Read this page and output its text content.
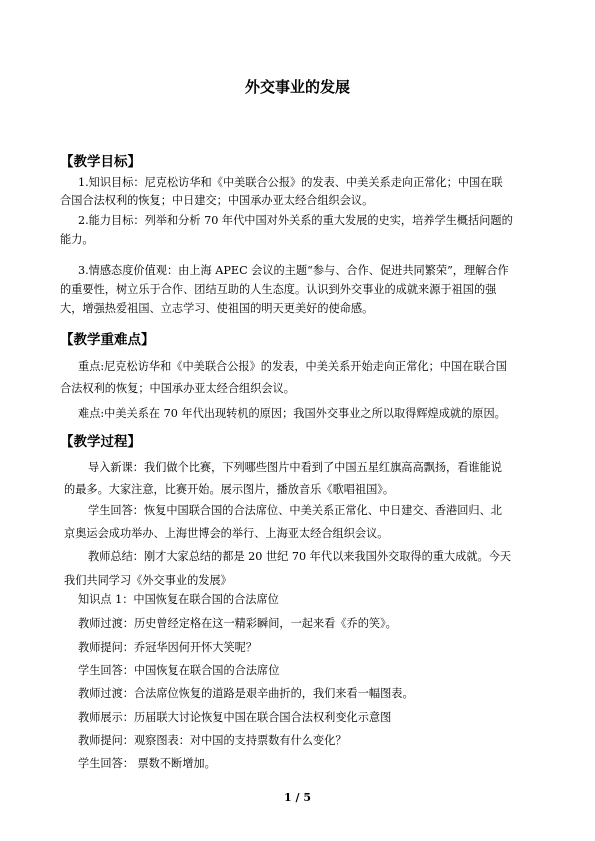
外交事业的发展
【教学目标】
1.知识目标：尼克松访华和《中美联合公报》的发表、中美关系走向正常化；中国在联
合国合法权利的恢复；中日建交；中国承办亚太经合组织会议。
2.能力目标：列举和分析 70 年代中国对外关系的重大发展的史实，培养学生概括问题的
能力。
3.情感态度价值观：由上海 APEC 会议的主题“参与、合作、促进共同繁荣”，理解合作
的重要性，树立乐于合作、团结互助的人生态度。认识到外交事业的成就来源于祖国的强
大，增强热爱祖国、立志学习、使祖国的明天更美好的使命感。
【教学重难点】
重点:尼克松访华和《中美联合公报》的发表，中美关系开始走向正常化；中国在联合国
合法权利的恢复；中国承办亚太经合组织会议。
难点:中美关系在 70 年代出现转机的原因；我国外交事业之所以取得辉煌成就的原因。
【教学过程】
导入新课：我们做个比赛，下列哪些图片中看到了中国五星红旗高高飘扬，看谁能说
的最多。大家注意，比赛开始。展示图片，播放音乐《歌唱祖国》。
学生回答：恢复中国联合国的合法席位、中美关系正常化、中日建交、香港回归、北
京奥运会成功举办、上海世博会的举行、上海亚太经合组织会议。
教师总结：刚才大家总结的都是 20 世纪 70 年代以来我国外交取得的重大成就。今天
我们共同学习《外交事业的发展》
知识点 1：中国恢复在联合国的合法席位
教师过渡：历史曾经定格在这一精彩瞬间，一起来看《乔的笑》。
教师提问：乔冠华因何开怀大笑呢？
学生回答：中国恢复在联合国的合法席位
教师过渡：合法席位恢复的道路是艰辛曲折的，我们来看一幅图表。
教师展示：历届联大讨论恢复中国在联合国合法权利变化示意图
教师提问：观察图表：对中国的支持票数有什么变化？
学生回答： 票数不断增加。
1 / 5
